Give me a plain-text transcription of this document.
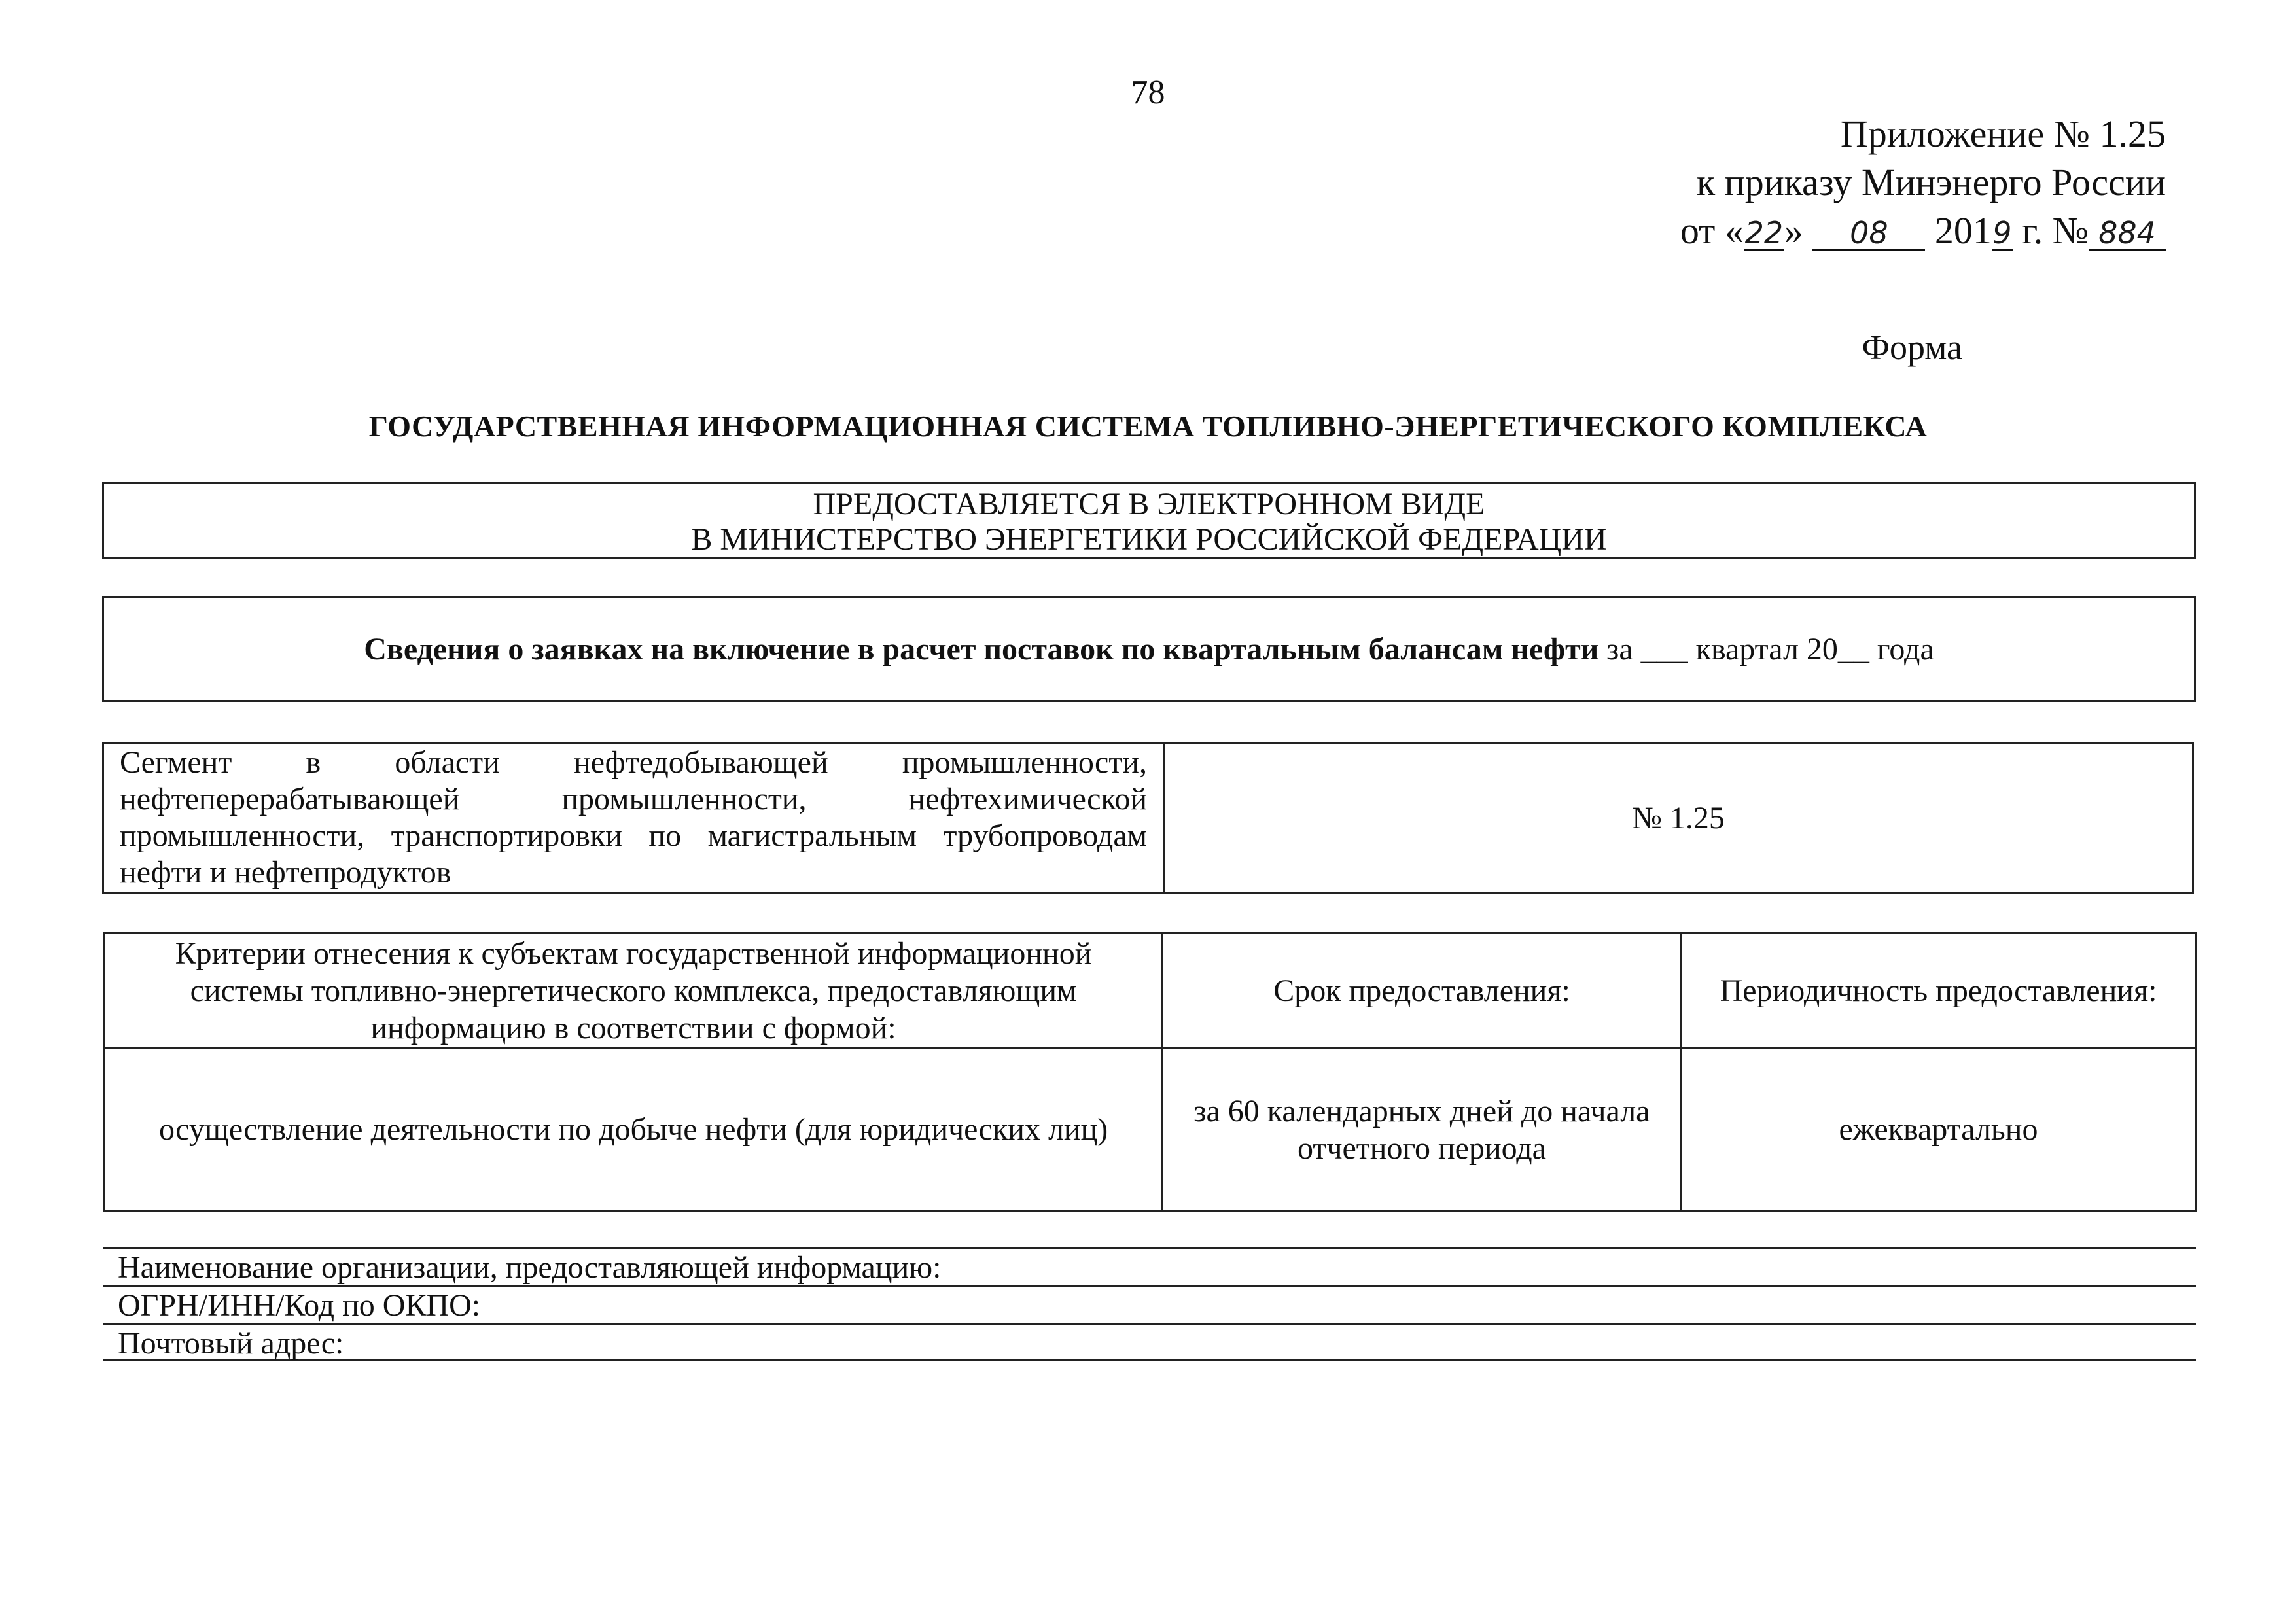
78
Приложение № 1.25
к приказу Минэнерго России
от «22» 08 2019 г. № 884
Форма
ГОСУДАРСТВЕННАЯ ИНФОРМАЦИОННАЯ СИСТЕМА ТОПЛИВНО-ЭНЕРГЕТИЧЕСКОГО КОМПЛЕКСА
ПРЕДОСТАВЛЯЕТСЯ В ЭЛЕКТРОННОМ ВИДЕ
В МИНИСТЕРСТВО ЭНЕРГЕТИКИ РОССИЙСКОЙ ФЕДЕРАЦИИ
Сведения о заявках на включение в расчет поставок по квартальным балансам нефти за ___ квартал 20__ года
Сегмент в области нефтедобывающей промышленности, нефтеперерабатывающей промышленности, нефтехимической промышленности, транспортировки по магистральным трубопроводам нефти и нефтепродуктов	№ 1.25
Критерии отнесения к субъектам государственной информационной системы топливно-энергетического комплекса, предоставляющим информацию в соответствии с формой:	Срок предоставления:	Периодичность предоставления:
осуществление деятельности по добыче нефти (для юридических лиц)	за 60 календарных дней до начала отчетного периода	ежеквартально
Наименование организации, предоставляющей информацию:
ОГРН/ИНН/Код по ОКПО:
Почтовый адрес:
